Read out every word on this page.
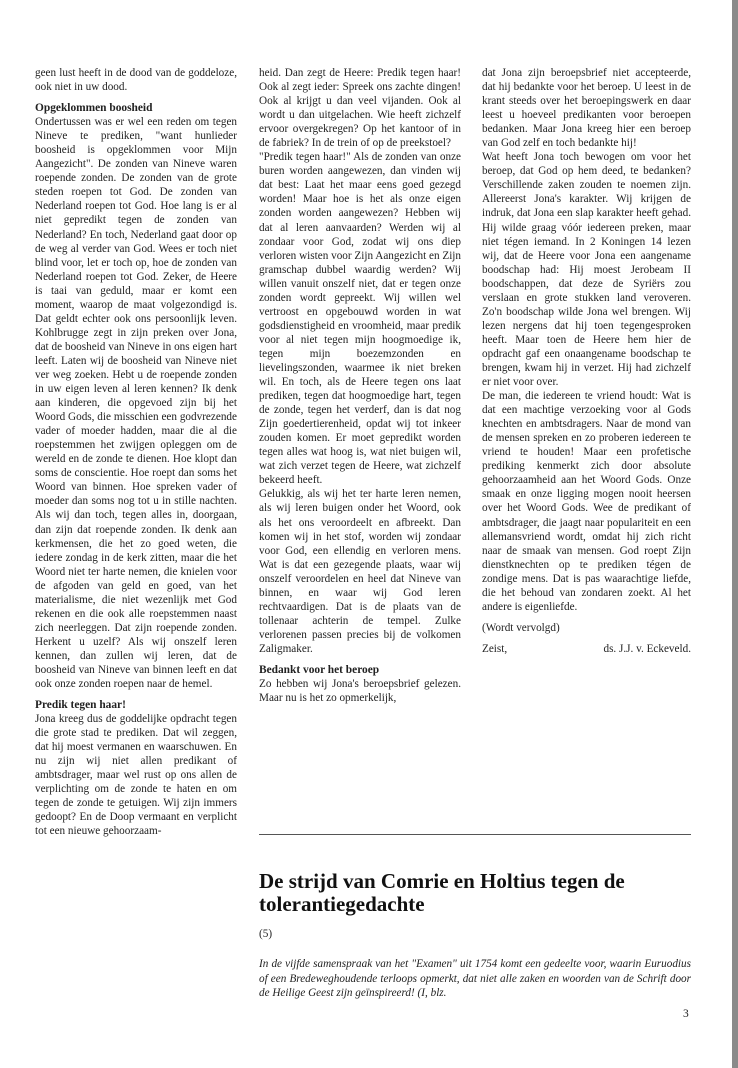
geen lust heeft in de dood van de goddeloze, ook niet in uw dood.

Opgeklommen boosheid

Ondertussen was er wel een reden om tegen Nineve te prediken, "want hunlieder boosheid is opgeklommen voor Mijn Aangezicht". De zonden van Nineve waren roepende zonden. De zonden van de grote steden roepen tot God. De zonden van Nederland roepen tot God. Hoe lang is er al niet gepredikt tegen de zonden van Nederland? En toch, Nederland gaat door op de weg al verder van God. Wees er toch niet blind voor, let er toch op, hoe de zonden van Nederland roepen tot God. Zeker, de Heere is taai van geduld, maar er komt een moment, waarop de maat volgezondigd is. Dat geldt echter ook ons persoonlijk leven. Kohlbrugge zegt in zijn preken over Jona, dat de boosheid van Nineve in ons eigen hart leeft. Laten wij de boosheid van Nineve niet ver weg zoeken. Hebt u de roepende zonden in uw eigen leven al leren kennen? Ik denk aan kinderen, die opgevoed zijn bij het Woord Gods, die misschien een godvrezende vader of moeder hadden, maar die al die roepstemmen het zwijgen opleggen om de wereld en de zonde te dienen. Hoe klopt dan soms de conscientie. Hoe roept dan soms het Woord van binnen. Hoe spreken vader of moeder dan soms nog tot u in stille nachten. Als wij dan toch, tegen alles in, doorgaan, dan zijn dat roepende zonden. Ik denk aan kerkmensen, die het zo goed weten, die iedere zondag in de kerk zitten, maar die het Woord niet ter harte nemen, die knielen voor de afgoden van geld en goed, van het materialisme, die niet wezenlijk met God rekenen en die ook alle roepstemmen naast zich neerleggen. Dat zijn roepende zonden. Herkent u uzelf? Als wij onszelf leren kennen, dan zullen wij leren, dat de boosheid van Nineve van binnen leeft en dat ook onze zonden roepen naar de hemel.

Predik tegen haar!

Jona kreeg dus de goddelijke opdracht tegen die grote stad te prediken. Dat wil zeggen, dat hij moest vermanen en waarschuwen. En nu zijn wij niet allen predikant of ambtsdrager, maar wel rust op ons allen de verplichting om de zonde te haten en om tegen de zonde te getuigen. Wij zijn immers gedoopt? En de Doop vermaant en verplicht tot een nieuwe gehoorzaam-

heid. Dan zegt de Heere: Predik tegen haar! Ook al zegt ieder: Spreek ons zachte dingen! Ook al krijgt u dan veel vijanden. Ook al wordt u dan uitgelachen. Wie heeft zichzelf ervoor overgekregen? Op het kantoor of in de fabriek? In de trein of op de preekstoel?

"Predik tegen haar!" Als de zonden van onze buren worden aangewezen, dan vinden wij dat best: Laat het maar eens goed gezegd worden! Maar hoe is het als onze eigen zonden worden aangewezen? Hebben wij dat al leren aanvaarden? Werden wij al zondaar voor God, zodat wij ons diep verloren wisten voor Zijn Aangezicht en Zijn gramschap dubbel waardig werden? Wij willen vanuit onszelf niet, dat er tegen onze zonden wordt gepreekt. Wij willen wel vertroost en opgebouwd worden in wat godsdienstigheid en vroomheid, maar predik voor al niet tegen mijn hoogmoedige ik, tegen mijn boezemzonden en lievelingszonden, waarmee ik niet breken wil. En toch, als de Heere tegen ons laat prediken, tegen dat hoogmoedige hart, tegen de zonde, tegen het verderf, dan is dat nog Zijn goedertierenheid, opdat wij tot inkeer zouden komen. Er moet gepredikt worden tegen alles wat hoog is, wat niet buigen wil, wat zich verzet tegen de Heere, wat zichzelf bekeerd heeft.

Gelukkig, als wij het ter harte leren nemen, als wij leren buigen onder het Woord, ook als het ons veroordeelt en afbreekt. Dan komen wij in het stof, worden wij zondaar voor God, een ellendig en verloren mens. Wat is dat een gezegende plaats, waar wij onszelf veroordelen en heel dat Nineve van binnen, en waar wij God leren rechtvaardigen. Dat is de plaats van de tollenaar achterin de tempel. Zulke verlorenen passen precies bij de volkomen Zaligmaker.

Bedankt voor het beroep

Zo hebben wij Jona's beroepsbrief gelezen. Maar nu is het zo opmerkelijk,

dat Jona zijn beroepsbrief niet accepteerde, dat hij bedankte voor het beroep. U leest in de krant steeds over het beroepingswerk en daar leest u hoeveel predikanten voor beroepen bedanken. Maar Jona kreeg hier een beroep van God zelf en toch bedankte hij!

Wat heeft Jona toch bewogen om voor het beroep, dat God op hem deed, te bedanken? Verschillende zaken zouden te noemen zijn. Allereerst Jona's karakter. Wij krijgen de indruk, dat Jona een slap karakter heeft gehad. Hij wilde graag vóór iedereen preken, maar niet tégen iemand. In 2 Koningen 14 lezen wij, dat de Heere voor Jona een aangename boodschap had: Hij moest Jerobeam II boodschappen, dat deze de Syriërs zou verslaan en grote stukken land veroveren. Zo'n boodschap wilde Jona wel brengen. Wij lezen nergens dat hij toen tegengesproken heeft. Maar toen de Heere hem hier de opdracht gaf een onaangename boodschap te brengen, kwam hij in verzet. Hij had zichzelf er niet voor over.

De man, die iedereen te vriend houdt: Wat is dat een machtige verzoeking voor al Gods knechten en ambtsdragers. Naar de mond van de mensen spreken en zo proberen iedereen te vriend te houden! Maar een profetische prediking kenmerkt zich door absolute gehoorzaamheid aan het Woord Gods. Onze smaak en onze ligging mogen nooit heersen over het Woord Gods. Wee de predikant of ambtsdrager, die jaagt naar populariteit en een allemansvriend wordt, omdat hij zich richt naar de smaak van mensen. God roept Zijn dienstknechten op te prediken tégen de zondige mens. Dat is pas waarachtige liefde, die het behoud van zondaren zoekt. Al het andere is eigenliefde.

(Wordt vervolgd)

Zeist,	ds. J.J. v. Eckeveld.
De strijd van Comrie en Holtius tegen de tolerantiegedachte
(5)

In de vijfde samenspraak van het "Examen" uit 1754 komt een gedeelte voor, waarin Euruodius of een Bredeweghoudende terloops opmerkt, dat niet alle zaken en woorden van de Schrift door de Heilige Geest zijn geïnspireerd! (I, blz.

3
